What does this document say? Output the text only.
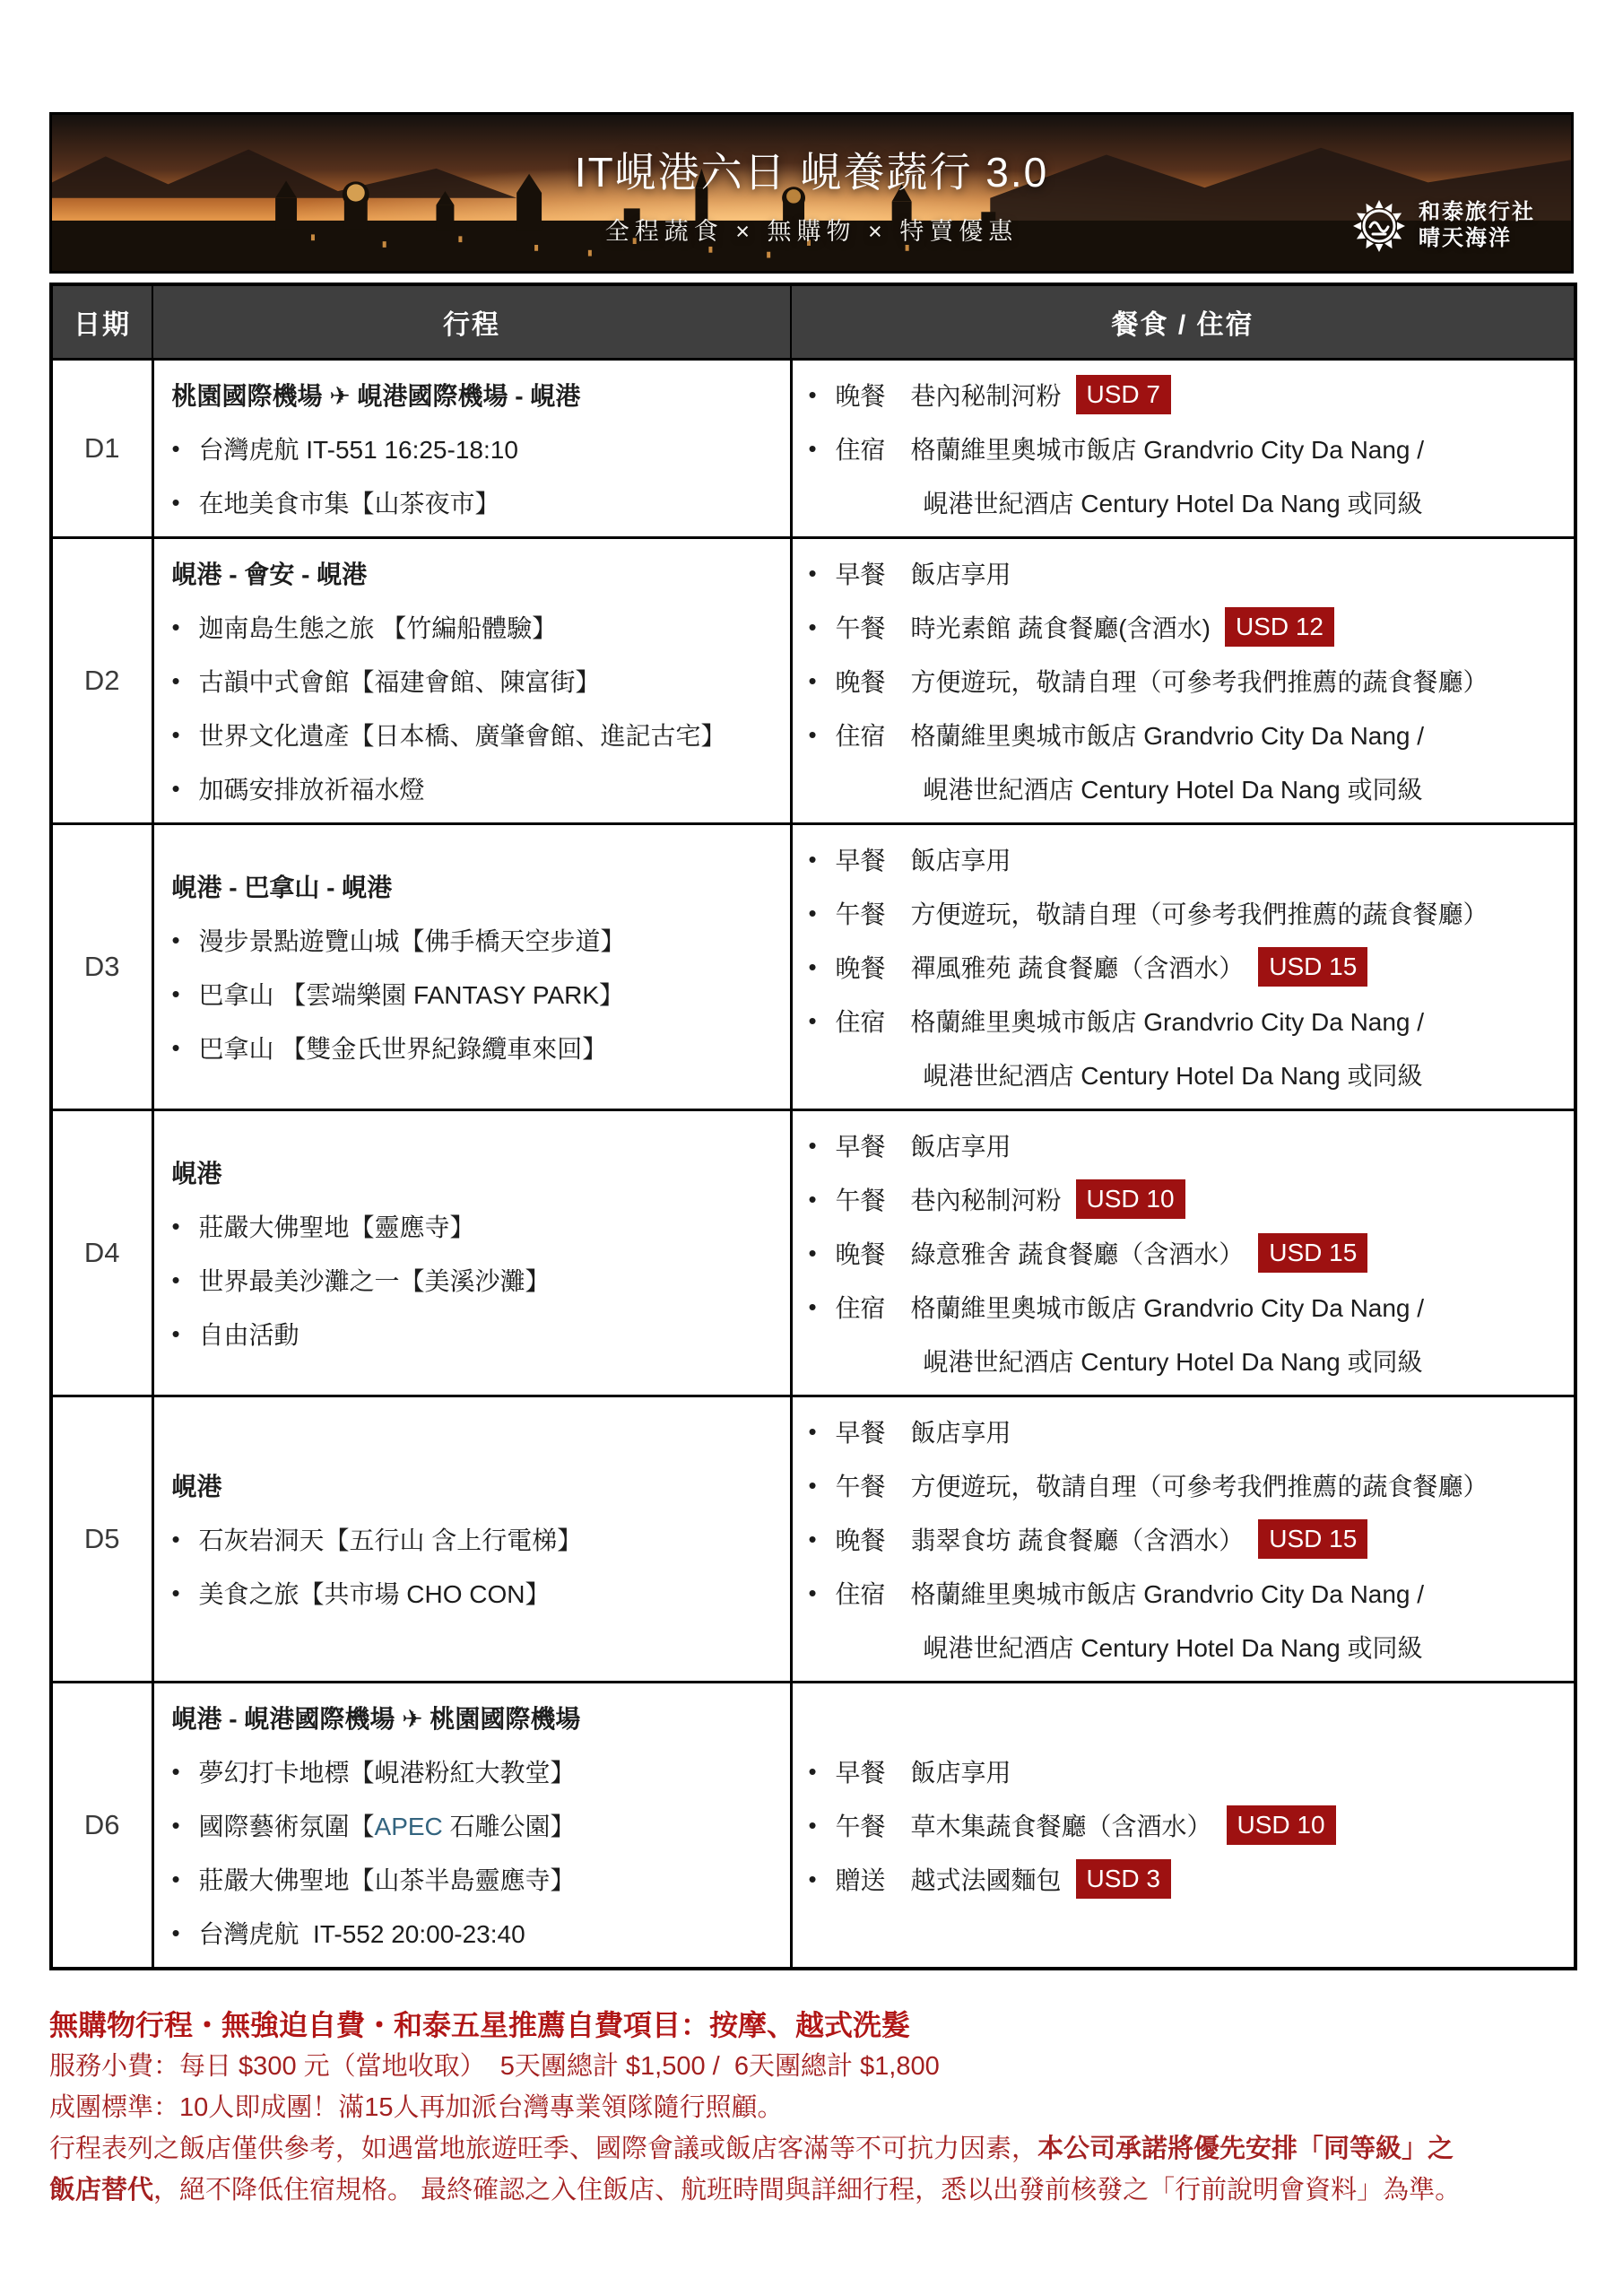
IT峴港六日 峴養蔬行 3.0
全程蔬食 × 無購物 × 特賣優惠
和泰旅行社
晴天海洋
日期	行程	餐食 / 住宿
D1	
桃園國際機場 ✈ 峴港國際機場 - 峴港
• 台灣虎航 IT-551 16:25-18:10
• 在地美食市集【山茶夜市】

• 晚餐 巷內秘制河粉	USD 7
• 住宿 格蘭維里奧城市飯店 Grandvrio City Da Nang /
峴港世紀酒店 Century Hotel Da Nang 或同級

D2	
峴港 - 會安 - 峴港
• 迦南島生態之旅 【竹編船體驗】
• 古韻中式會館【福建會館、陳富街】
• 世界文化遺產【日本橋、廣肇會館、進記古宅】
• 加碼安排放祈福水燈

• 早餐 飯店享用
• 午餐 時光素館 蔬食餐廳(含酒水)	USD 12
• 晚餐 方便遊玩，敬請自理（可參考我們推薦的蔬食餐廳）
• 住宿 格蘭維里奧城市飯店 Grandvrio City Da Nang /
峴港世紀酒店 Century Hotel Da Nang 或同級

D3	
峴港 - 巴拿山 - 峴港
• 漫步景點遊覽山城【佛手橋天空步道】
• 巴拿山 【雲端樂園 FANTASY PARK】
• 巴拿山 【雙金氏世界紀錄纜車來回】

• 早餐 飯店享用
• 午餐 方便遊玩，敬請自理（可參考我們推薦的蔬食餐廳）
• 晚餐 禪風雅苑 蔬食餐廳（含酒水）	USD 15
• 住宿 格蘭維里奧城市飯店 Grandvrio City Da Nang /
峴港世紀酒店 Century Hotel Da Nang 或同級

D4	
峴港
• 莊嚴大佛聖地【靈應寺】
• 世界最美沙灘之一【美溪沙灘】
• 自由活動

• 早餐 飯店享用
• 午餐 巷內秘制河粉	USD 10
• 晚餐 綠意雅舍 蔬食餐廳（含酒水）	USD 15
• 住宿 格蘭維里奧城市飯店 Grandvrio City Da Nang /
峴港世紀酒店 Century Hotel Da Nang 或同級

D5	
峴港
• 石灰岩洞天【五行山 含上行電梯】
• 美食之旅【共市場 CHO CON】

• 早餐 飯店享用
• 午餐 方便遊玩，敬請自理（可參考我們推薦的蔬食餐廳）
• 晚餐 翡翠食坊 蔬食餐廳（含酒水）	USD 15
• 住宿 格蘭維里奧城市飯店 Grandvrio City Da Nang /
峴港世紀酒店 Century Hotel Da Nang 或同級

D6	
峴港 - 峴港國際機場 ✈ 桃園國際機場
• 夢幻打卡地標【峴港粉紅大教堂】
• 國際藝術氛圍【APEC 石雕公園】
• 莊嚴大佛聖地【山茶半島靈應寺】
• 台灣虎航  IT-552 20:00-23:40

• 早餐 飯店享用
• 午餐 草木集蔬食餐廳（含酒水）	USD 10
• 贈送 越式法國麵包	USD 3
無購物行程・無強迫自費・和泰五星推薦自費項目：按摩、越式洗髮
服務小費：每日 $300 元（當地收取）  5天團總計 $1,500 /  6天團總計 $1,800
成團標準：10人即成團！滿15人再加派台灣專業領隊隨行照顧。
行程表列之飯店僅供參考，如遇當地旅遊旺季、國際會議或飯店客滿等不可抗力因素，本公司承諾將優先安排「同等級」之
飯店替代，絕不降低住宿規格。 最終確認之入住飯店、航班時間與詳細行程，悉以出發前核發之「行前說明會資料」為準。
